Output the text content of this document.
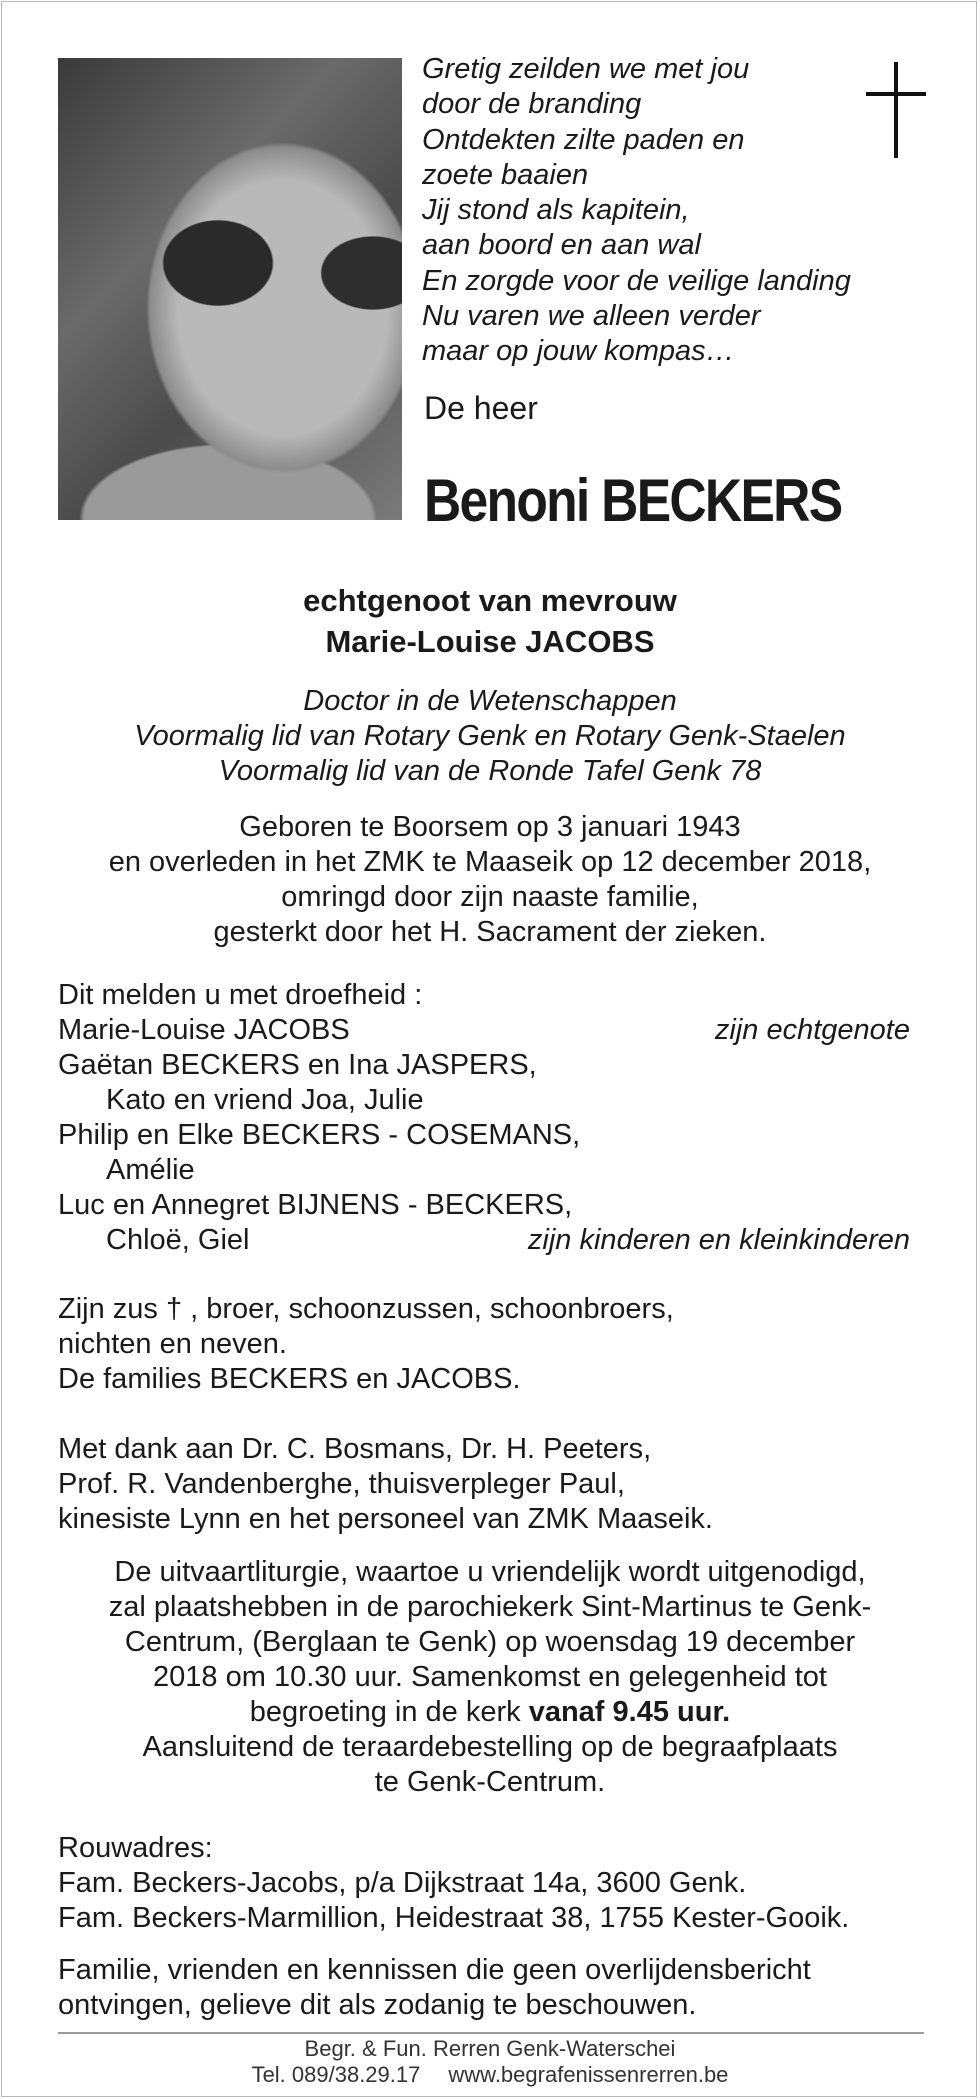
Gretig zeilden we met jou
door de branding
Ontdekten zilte paden en
zoete baaien
Jij stond als kapitein,
aan boord en aan wal
En zorgde voor de veilige landing
Nu varen we alleen verder
maar op jouw kompas…
De heer
Benoni BECKERS
echtgenoot van mevrouw
Marie-Louise JACOBS
Doctor in de Wetenschappen
Voormalig lid van Rotary Genk en Rotary Genk-Staelen
Voormalig lid van de Ronde Tafel Genk 78
Geboren te Boorsem op 3 januari 1943
en overleden in het ZMK te Maaseik op 12 december 2018,
omringd door zijn naaste familie,
gesterkt door het H. Sacrament der zieken.
Dit melden u met droefheid :
Marie-Louise JACOBS	zijn echtgenote
Gaëtan BECKERS en Ina JASPERS,
Kato en vriend Joa, Julie
Philip en Elke BECKERS - COSEMANS,
Amélie
Luc en Annegret BIJNENS - BECKERS,
Chloë, Giel	zijn kinderen en kleinkinderen
Zijn zus † , broer, schoonzussen, schoonbroers,
nichten en neven.
De families BECKERS en JACOBS.
Met dank aan Dr. C. Bosmans, Dr. H. Peeters,
Prof. R. Vandenberghe, thuisverpleger Paul,
kinesiste Lynn en het personeel van ZMK Maaseik.
De uitvaartliturgie, waartoe u vriendelijk wordt uitgenodigd,
zal plaatshebben in de parochiekerk Sint-Martinus te Genk-
Centrum, (Berglaan te Genk) op woensdag 19 december
2018 om 10.30 uur. Samenkomst en gelegenheid tot
begroeting in de kerk vanaf 9.45 uur.
Aansluitend de teraardebestelling op de begraafplaats
te Genk-Centrum.
Rouwadres:
Fam. Beckers-Jacobs, p/a Dijkstraat 14a, 3600 Genk.
Fam. Beckers-Marmillion, Heidestraat 38, 1755 Kester-Gooik.
Familie, vrienden en kennissen die geen overlijdensbericht
ontvingen, gelieve dit als zodanig te beschouwen.
Begr. & Fun. Rerren Genk-Waterschei
Tel. 089/38.29.17 www.begrafenissenrerren.be
